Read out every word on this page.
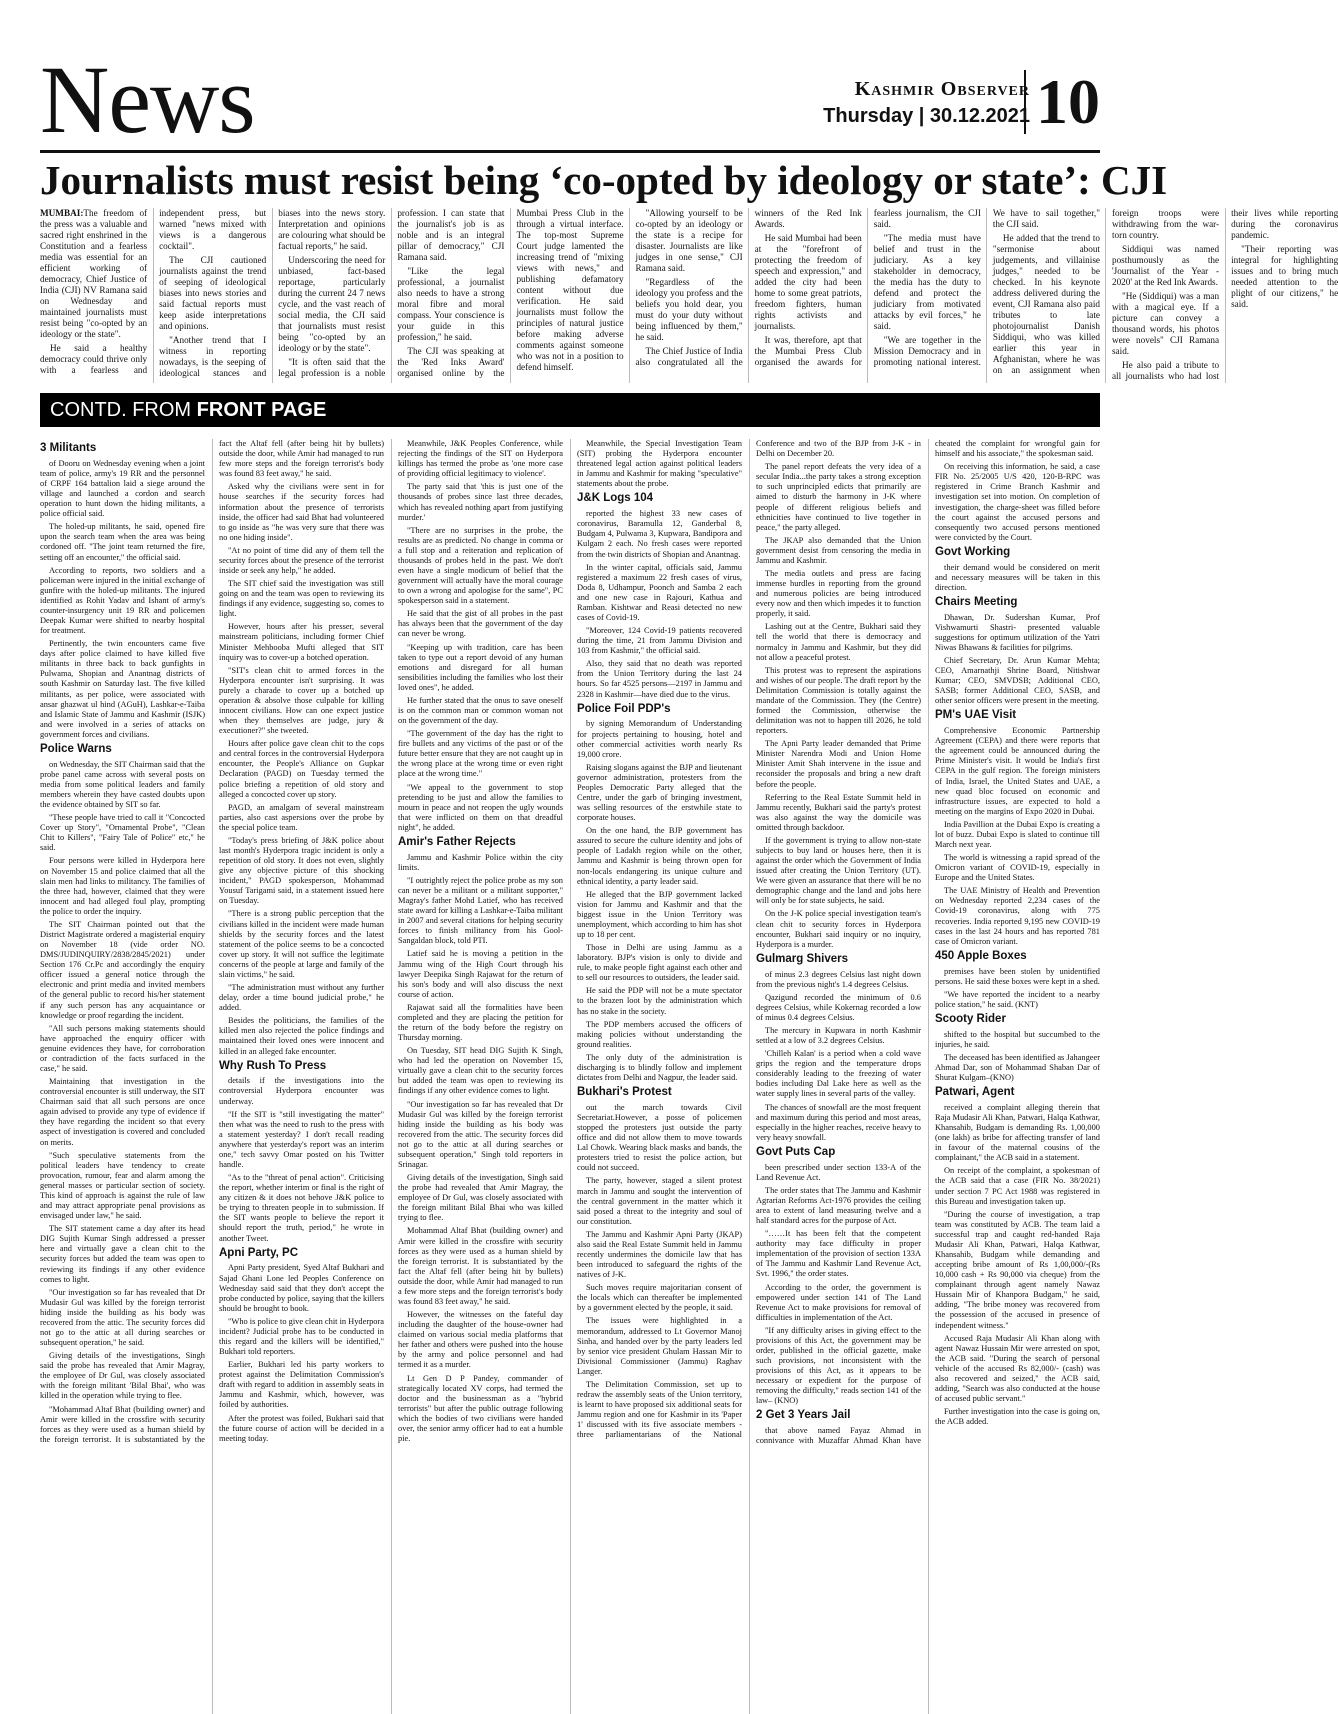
News	Kashmir Observer
Thursday | 30.12.2021 10
Journalists must resist being ‘co-opted by ideology or state’: CJI

MUMBAI:The freedom of the press was a valuable and sacred right enshrined in the Constitution and a fearless media was essential for an efficient working of democracy, Chief Justice of India (CJI) NV Ramana said on Wednesday and maintained journalists must resist being "co-opted by an ideology or the state".

He said a healthy democracy could thrive only with a fearless and independent press, but warned "news mixed with views is a dangerous cocktail".

The CJI cautioned journalists against the trend of seeping of ideological biases into news stories and said factual reports must keep aside interpretations and opinions.

"Another trend that I witness in reporting nowadays, is the seeping of ideological stances and biases into the news story. Interpretation and opinions are colouring what should be factual reports," he said.

Underscoring the need for unbiased, fact-based reportage, particularly during the current 24 7 news cycle, and the vast reach of social media, the CJI said that journalists must resist being "co-opted by an ideology or by the state".

"It is often said that the legal profession is a noble profession. I can state that the journalist's job is as noble and is an integral pillar of democracy," CJI Ramana said.

"Like the legal professional, a journalist also needs to have a strong moral fibre and moral compass. Your conscience is your guide in this profession," he said.

The CJI was speaking at the 'Red Inks Award' organised online by the Mumbai Press Club in the through a virtual interface. The top-most Supreme Court judge lamented the increasing trend of "mixing views with news," and publishing defamatory content without due verification. He said journalists must follow the principles of natural justice before making adverse comments against someone who was not in a position to defend himself.

"Allowing yourself to be co-opted by an ideology or the state is a recipe for disaster. Journalists are like judges in one sense," CJI Ramana said.

"Regardless of the ideology you profess and the beliefs you hold dear, you must do your duty without being influenced by them," he said.

The Chief Justice of India also congratulated all the winners of the Red Ink Awards.

He said Mumbai had been at the "forefront of protecting the freedom of speech and expression," and added the city had been home to some great patriots, freedom fighters, human rights activists and journalists.

It was, therefore, apt that the Mumbai Press Club organised the awards for fearless journalism, the CJI said.

"The media must have belief and trust in the judiciary. As a key stakeholder in democracy, the media has the duty to defend and protect the judiciary from motivated attacks by evil forces," he said.

"We are together in the Mission Democracy and in promoting national interest. We have to sail together," the CJI said.

He added that the trend to "sermonise about judgements, and villainise judges," needed to be checked. In his keynote address delivered during the event, CJI Ramana also paid tributes to late photojournalist Danish Siddiqui, who was killed earlier this year in Afghanistan, where he was on an assignment when foreign troops were withdrawing from the war-torn country.

Siddiqui was named posthumously as the 'Journalist of the Year - 2020' at the Red Ink Awards.

"He (Siddiqui) was a man with a magical eye. If a picture can convey a thousand words, his photos were novels" CJI Ramana said.

He also paid a tribute to all journalists who had lost their lives while reporting during the coronavirus pandemic.

"Their reporting was integral for highlighting issues and to bring much needed attention to the plight of our citizens," he said.

CONTD. FROM FRONT PAGE
3 Militants

of Dooru on Wednesday evening when a joint team of police, army's 19 RR and the personnel of CRPF 164 battalion laid a siege around the village and launched a cordon and search operation to hunt down the hiding militants, a police official said.

The holed-up militants, he said, opened fire upon the search team when the area was being cordoned off. "The joint team returned the fire, setting off an encounter," the official said.

According to reports, two soldiers and a policeman were injured in the initial exchange of gunfire with the holed-up militants. The injured identified as Rohit Yadav and Ishant of army's counter-insurgency unit 19 RR and policemen Deepak Kumar were shifted to nearby hospital for treatment.

Pertinently, the twin encounters came five days after police claimed to have killed five militants in three back to back gunfights in Pulwama, Shopian and Anantnag districts of south Kashmir on Saturday last. The five killed militants, as per police, were associated with ansar ghazwat ul hind (AGuH), Lashkar-e-Taiba and Islamic State of Jammu and Kashmir (ISJK) and were involved in a series of attacks on government forces and civilians.

Police Warns

on Wednesday, the SIT Chairman said that the probe panel came across with several posts on media from some political leaders and family members wherein they have casted doubts upon the evidence obtained by SIT so far.

"These people have tried to call it "Concocted Cover up Story", "Ornamental Probe", "Clean Chit to Killers", "Fairy Tale of Police" etc," he said.

Four persons were killed in Hyderpora here on November 15 and police claimed that all the slain men had links to militancy. The families of the three had, however, claimed that they were innocent and had alleged foul play, prompting the police to order the inquiry.

The SIT Chairman pointed out that the District Magistrate ordered a magisterial enquiry on November 18 (vide order NO. DMS/JUDINQUIRY/2838/2845/2021) under Section 176 Cr.Pc and accordingly the enquiry officer issued a general notice through the electronic and print media and invited members of the general public to record his/her statement if any such person has any acquaintance or knowledge or proof regarding the incident.

"All such persons making statements should have approached the enquiry officer with genuine evidences they have, for corroboration or contradiction of the facts surfaced in the case," he said.

Maintaining that investigation in the controversial encounter is still underway, the SIT Chairman said that all such persons are once again advised to provide any type of evidence if they have regarding the incident so that every aspect of investigation is covered and concluded on merits.

"Such speculative statements from the political leaders have tendency to create provocation, rumour, fear and alarm among the general masses or particular section of society. This kind of approach is against the rule of law and may attract appropriate penal provisions as envisaged under law," he said.

The SIT statement came a day after its head DIG Sujith Kumar Singh addressed a presser here and virtually gave a clean chit to the security forces but added the team was open to reviewing its findings if any other evidence comes to light.

"Our investigation so far has revealed that Dr Mudasir Gul was killed by the foreign terrorist hiding inside the building as his body was recovered from the attic. The security forces did not go to the attic at all during searches or subsequent operation," he said.

Giving details of the investigations, Singh said the probe has revealed that Amir Magray, the employee of Dr Gul, was closely associated with the foreign militant 'Bilal Bhai', who was killed in the operation while trying to flee.

"Mohammad Altaf Bhat (building owner) and Amir were killed in the crossfire with security forces as they were used as a human shield by the foreign terrorist. It is substantiated by the fact the Altaf fell (after being hit by bullets) outside the door, while Amir had managed to run few more steps and the foreign terrorist's body was found 83 feet away," he said.

Asked why the civilians were sent in for house searches if the security forces had information about the presence of terrorists inside, the officer had said Bhat had volunteered to go inside as "he was very sure that there was no one hiding inside".

"At no point of time did any of them tell the security forces about the presence of the terrorist inside or seek any help," he added.

The SIT chief said the investigation was still going on and the team was open to reviewing its findings if any evidence, suggesting so, comes to light.

However, hours after his presser, several mainstream politicians, including former Chief Minister Mehbooba Mufti alleged that SIT inquiry was to cover-up a botched operation.

"SIT's clean chit to armed forces in the Hyderpora encounter isn't surprising. It was purely a charade to cover up a botched up operation & absolve those culpable for killing innocent civilians. How can one expect justice when they themselves are judge, jury & executioner?" she tweeted.

Hours after police gave clean chit to the cops and central forces in the controversial Hyderpora encounter, the People's Alliance on Gupkar Declaration (PAGD) on Tuesday termed the police briefing a repetition of old story and alleged a concocted cover up story.

PAGD, an amalgam of several mainstream parties, also cast aspersions over the probe by the special police team.

"Today's press briefing of J&K police about last month's Hyderpora tragic incident is only a repetition of old story. It does not even, slightly give any objective picture of this shocking incident," PAGD spokesperson, Mohammad Yousuf Tarigami said, in a statement issued here on Tuesday.

"There is a strong public perception that the civilians killed in the incident were made human shields by the security forces and the latest statement of the police seems to be a concocted cover up story. It will not suffice the legitimate concerns of the people at large and family of the slain victims," he said.

"The administration must without any further delay, order a time bound judicial probe," he added.

Besides the politicians, the families of the killed men also rejected the police findings and maintained their loved ones were innocent and killed in an alleged fake encounter.

Why Rush To Press

details if the investigations into the controversial Hyderpora encounter was underway.

"If the SIT is "still investigating the matter" then what was the need to rush to the press with a statement yesterday? I don't recall reading anywhere that yesterday's report was an interim one," tech savvy Omar posted on his Twitter handle.

"As to the "threat of penal action". Criticising the report, whether interim or final is the right of any citizen & it does not behove J&K police to be trying to threaten people in to submission. If the SIT wants people to believe the report it should report the truth, period," he wrote in another Tweet.

Apni Party, PC

Apni Party president, Syed Altaf Bukhari and Sajad Ghani Lone led Peoples Conference on Wednesday said said that they don't accept the probe conducted by police, saying that the killers should be brought to book.

"Who is police to give clean chit in Hyderpora incident? Judicial probe has to be conducted in this regard and the killers will be identified," Bukhari told reporters.

Earlier, Bukhari led his party workers to protest against the Delimitation Commission's draft with regard to addition in assembly seats in Jammu and Kashmir, which, however, was foiled by authorities.

After the protest was foiled, Bukhari said that the future course of action will be decided in a meeting today.

Meanwhile, J&K Peoples Conference, while rejecting the findings of the SIT on Hyderpora killings has termed the probe as 'one more case of providing official legitimacy to violence'.

The party said that 'this is just one of the thousands of probes since last three decades, which has revealed nothing apart from justifying murder.'

"There are no surprises in the probe, the results are as predicted. No change in comma or a full stop and a reiteration and replication of thousands of probes held in the past. We don't even have a single modicum of belief that the government will actually have the moral courage to own a wrong and apologise for the same", PC spokesperson said in a statement.

He said that the gist of all probes in the past has always been that the government of the day can never be wrong.

"Keeping up with tradition, care has been taken to type out a report devoid of any human emotions and disregard for all human sensibilities including the families who lost their loved ones", he added.

He further stated that the onus to save oneself is on the common man or common woman not on the government of the day.

"The government of the day has the right to fire bullets and any victims of the past or of the future better ensure that they are not caught up in the wrong place at the wrong time or even right place at the wrong time."

"We appeal to the government to stop pretending to be just and allow the families to mourn in peace and not reopen the ugly wounds that were inflicted on them on that dreadful night", he added.

Amir's Father Rejects

Jammu and Kashmir Police within the city limits.

"I outrightly reject the police probe as my son can never be a militant or a militant supporter," Magray's father Mohd Latief, who has received state award for killing a Lashkar-e-Taiba militant in 2007 and several citations for helping security forces to finish militancy from his Gool-Sangaldan block, told PTI.

Latief said he is moving a petition in the Jammu wing of the High Court through his lawyer Deepika Singh Rajawat for the return of his son's body and will also discuss the next course of action.

Rajawat said all the formalities have been completed and they are placing the petition for the return of the body before the registry on Thursday morning.

On Tuesday, SIT head DIG Sujith K Singh, who had led the operation on November 15, virtually gave a clean chit to the security forces but added the team was open to reviewing its findings if any other evidence comes to light.

"Our investigation so far has revealed that Dr Mudasir Gul was killed by the foreign terrorist hiding inside the building as his body was recovered from the attic. The security forces did not go to the attic at all during searches or subsequent operation," Singh told reporters in Srinagar.

Giving details of the investigation, Singh said the probe had revealed that Amir Magray, the employee of Dr Gul, was closely associated with the foreign militant Bilal Bhai who was killed trying to flee.

Mohammad Altaf Bhat (building owner) and Amir were killed in the crossfire with security forces as they were used as a human shield by the foreign terrorist. It is substantiated by the fact the Altaf fell (after being hit by bullets) outside the door, while Amir had managed to run a few more steps and the foreign terrorist's body was found 83 feet away," he said.

However, the witnesses on the fateful day including the daughter of the house-owner had claimed on various social media platforms that her father and others were pushed into the house by the army and police personnel and had termed it as a murder.

Lt Gen D P Pandey, commander of strategically located XV corps, had termed the doctor and the businessman as a "hybrid terrorists" but after the public outrage following which the bodies of two civilians were handed over, the senior army officer had to eat a humble pie.

Meanwhile, the Special Investigation Team (SIT) probing the Hyderpora encounter threatened legal action against political leaders in Jammu and Kashmir for making "speculative" statements about the probe.

J&K Logs 104

reported the highest 33 new cases of coronavirus, Baramulla 12, Ganderbal 8, Budgam 4, Pulwama 3, Kupwara, Bandipora and Kulgam 2 each. No fresh cases were reported from the twin districts of Shopian and Anantnag.

In the winter capital, officials said, Jammu registered a maximum 22 fresh cases of virus, Doda 8, Udhampur, Poonch and Samba 2 each and one new case in Rajouri, Kathua and Ramban. Kishtwar and Reasi detected no new cases of Covid-19.

"Moreover, 124 Covid-19 patients recovered during the time, 21 from Jammu Division and 103 from Kashmir," the official said.

Also, they said that no death was reported from the Union Territory during the last 24 hours. So far 4525 persons—2197 in Jammu and 2328 in Kashmir—have died due to the virus.

Police Foil PDP's

by signing Memorandum of Understanding for projects pertaining to housing, hotel and other commercial activities worth nearly Rs 19,000 crore.

Raising slogans against the BJP and lieutenant governor administration, protesters from the Peoples Democratic Party alleged that the Centre, under the garb of bringing investment, was selling resources of the erstwhile state to corporate houses.

On the one hand, the BJP government has assured to secure the culture identity and jobs of people of Ladakh region while on the other, Jammu and Kashmir is being thrown open for non-locals endangering its unique culture and ethnical identity, a party leader said.

He alleged that the BJP government lacked vision for Jammu and Kashmir and that the biggest issue in the Union Territory was unemployment, which according to him has shot up to 18 per cent.

Those in Delhi are using Jammu as a laboratory. BJP's vision is only to divide and rule, to make people fight against each other and to sell our resources to outsiders, the leader said.

He said the PDP will not be a mute spectator to the brazen loot by the administration which has no stake in the society.

The PDP members accused the officers of making policies without understanding the ground realities.

The only duty of the administration is discharging is to blindly follow and implement dictates from Delhi and Nagpur, the leader said.

Bukhari's Protest

out the march towards Civil Secretariat.However, a posse of policemen stopped the protesters just outside the party office and did not allow them to move towards Lal Chowk. Wearing black masks and bands, the protesters tried to resist the police action, but could not succeed.

The party, however, staged a silent protest march in Jammu and sought the intervention of the central government in the matter which it said posed a threat to the integrity and soul of our constitution.

The Jammu and Kashmir Apni Party (JKAP) also said the Real Estate Summit held in Jammu recently undermines the domicile law that has been introduced to safeguard the rights of the natives of J-K.

Such moves require majoritarian consent of the locals which can thereafter be implemented by a government elected by the people, it said.

The issues were highlighted in a memorandum, addressed to Lt Governor Manoj Sinha, and handed over by the party leaders led by senior vice president Ghulam Hassan Mir to Divisional Commissioner (Jammu) Raghav Langer.

The Delimitation Commission, set up to redraw the assembly seats of the Union territory, is learnt to have proposed six additional seats for Jammu region and one for Kashmir in its 'Paper 1' discussed with its five associate members - three parliamentarians of the National Conference and two of the BJP from J-K - in Delhi on December 20.

The panel report defeats the very idea of a secular India...the party takes a strong exception to such unprincipled edicts that primarily are aimed to disturb the harmony in J-K where people of different religious beliefs and ethnicities have continued to live together in peace," the party alleged.

The JKAP also demanded that the Union government desist from censoring the media in Jammu and Kashmir.

The media outlets and press are facing immense hurdles in reporting from the ground and numerous policies are being introduced every now and then which impedes it to function properly, it said.

Lashing out at the Centre, Bukhari said they tell the world that there is democracy and normalcy in Jammu and Kashmir, but they did not allow a peaceful protest.

This protest was to represent the aspirations and wishes of our people. The draft report by the Delimitation Commission is totally against the mandate of the Commission. They (the Centre) formed the Commission, otherwise the delimitation was not to happen till 2026, he told reporters.

The Apni Party leader demanded that Prime Minister Narendra Modi and Union Home Minister Amit Shah intervene in the issue and reconsider the proposals and bring a new draft before the people.

Referring to the Real Estate Summit held in Jammu recently, Bukhari said the party's protest was also against the way the domicile was omitted through backdoor.

If the government is trying to allow non-state subjects to buy land or houses here, then it is against the order which the Government of India issued after creating the Union Territory (UT). We were given an assurance that there will be no demographic change and the land and jobs here will only be for state subjects, he said.

On the J-K police special investigation team's clean chit to security forces in Hyderpora encounter, Bukhari said inquiry or no inquiry, Hyderpora is a murder.

Gulmarg Shivers

of minus 2.3 degrees Celsius last night down from the previous night's 1.4 degrees Celsius.

Qazigund recorded the minimum of 0.6 degrees Celsius, while Kokernag recorded a low of minus 0.4 degrees Celsius.

The mercury in Kupwara in north Kashmir settled at a low of 3.2 degrees Celsius.

'Chilleh Kalan' is a period when a cold wave grips the region and the temperature drops considerably leading to the freezing of water bodies including Dal Lake here as well as the water supply lines in several parts of the valley.

The chances of snowfall are the most frequent and maximum during this period and most areas, especially in the higher reaches, receive heavy to very heavy snowfall.

Govt Puts Cap

been prescribed under section 133-A of the Land Revenue Act.

The order states that The Jammu and Kashmir Agrarian Reforms Act-1976 provides the ceiling area to extent of land measuring twelve and a half standard acres for the purpose of Act.

"……It has been felt that the competent authority may face difficulty in proper implementation of the provision of section 133A of The Jammu and Kashmir Land Revenue Act, Svt. 1996," the order states.

According to the order, the government is empowered under section 141 of The Land Revenue Act to make provisions for removal of difficulties in implementation of the Act.

"If any difficulty arises in giving effect to the provisions of this Act, the government may be order, published in the official gazette, make such provisions, not inconsistent with the provisions of this Act, as it appears to be necessary or expedient for the purpose of removing the difficulty," reads section 141 of the law– (KNO)

2 Get 3 Years Jail

that above named Fayaz Ahmad in connivance with Muzaffar Ahmad Khan have cheated the complaint for wrongful gain for himself and his associate," the spokesman said.

On receiving this information, he said, a case FIR No. 25/2005 U/S 420, 120-B-RPC was registered in Crime Branch Kashmir and investigation set into motion. On completion of investigation, the charge-sheet was filled before the court against the accused persons and consequently two accused persons mentioned were convicted by the Court.

Govt Working

their demand would be considered on merit and necessary measures will be taken in this direction.

Chairs Meeting

Dhawan, Dr. Sudershan Kumar, Prof Vishwamurti Shastri- presented valuable suggestions for optimum utilization of the Yatri Niwas Bhawans & facilities for pilgrims.

Chief Secretary, Dr. Arun Kumar Mehta; CEO, Amarnathji Shrine Board, Nitishwar Kumar; CEO, SMVDSB; Additional CEO, SASB; former Additional CEO, SASB, and other senior officers were present in the meeting.

PM's UAE Visit

Comprehensive Economic Partnership Agreement (CEPA) and there were reports that the agreement could be announced during the Prime Minister's visit. It would be India's first CEPA in the gulf region. The foreign ministers of India, Israel, the United States and UAE, a new quad bloc focused on economic and infrastructure issues, are expected to hold a meeting on the margins of Expo 2020 in Dubai.

India Pavillion at the Dubai Expo is creating a lot of buzz. Dubai Expo is slated to continue till March next year.

The world is witnessing a rapid spread of the Omicron variant of COVID-19, especially in Europe and the United States.

The UAE Ministry of Health and Prevention on Wednesday reported 2,234 cases of the Covid-19 coronavirus, along with 775 recoveries. India reported 9,195 new COVID-19 cases in the last 24 hours and has reported 781 case of Omicron variant.

450 Apple Boxes

premises have been stolen by unidentified persons. He said these boxes were kept in a shed.

"We have reported the incident to a nearby police station," he said. (KNT)

Scooty Rider

shifted to the hospital but succumbed to the injuries, he said.

The deceased has been identified as Jahangeer Ahmad Dar, son of Mohammad Shaban Dar of Shurat Kulgam–(KNO)

Patwari, Agent

received a complaint alleging therein that Raja Mudasir Ali Khan, Patwari, Halqa Kathwar, Khansahib, Budgam is demanding Rs. 1,00,000 (one lakh) as bribe for affecting transfer of land in favour of the maternal cousins of the complainant," the ACB said in a statement.

On receipt of the complaint, a spokesman of the ACB said that a case (FIR No. 38/2021) under section 7 PC Act 1988 was registered in this Bureau and investigation taken up.

"During the course of investigation, a trap team was constituted by ACB. The team laid a successful trap and caught red-handed Raja Mudasir Ali Khan, Patwari, Halqa Kathwar, Khansahib, Budgam while demanding and accepting bribe amount of Rs 1,00,000/-(Rs 10,000 cash + Rs 90,000 via cheque) from the complainant through agent namely Nawaz Hussain Mir of Khanpora Budgam," he said, adding, "The bribe money was recovered from the possession of the accused in presence of independent witness."

Accused Raja Mudasir Ali Khan along with agent Nawaz Hussain Mir were arrested on spot, the ACB said. "During the search of personal vehicle of the accused Rs 82,000/- (cash) was also recovered and seized," the ACB said, adding, "Search was also conducted at the house of accused public servant."

Further investigation into the case is going on, the ACB added.
